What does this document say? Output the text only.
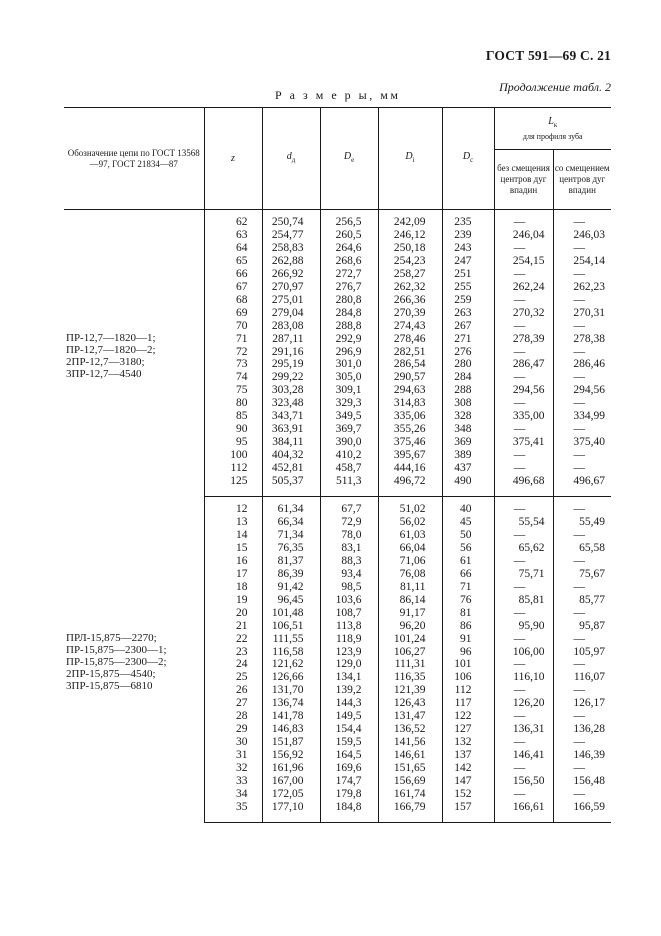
ГОСТ 591—69 С. 21
Продолжение табл. 2
Р а з м е р ы, мм
Обозначение цепи по ГОСТ 13568—97, ГОСТ 21834—87	z	$d_д$	$D_e$	$D_i$	$D_c$	$L_к$
для профиля зуба	

						без смещения центров дуг впадин	со смещением центров дуг впадин

ПР-12,7—1820—1;
ПР-12,7—1820—2;
2ПР-12,7—3180;
3ПР-12,7—4540	62	250,74	256,5	242,09	235	—	—
	63	254,77	260,5	246,12	239	246,04	246,03
	64	258,83	264,6	250,18	243	—	—
	65	262,88	268,6	254,23	247	254,15	254,14
	66	266,92	272,7	258,27	251	—	—
	67	270,97	276,7	262,32	255	262,24	262,23
	68	275,01	280,8	266,36	259	—	—
	69	279,04	284,8	270,39	263	270,32	270,31
	70	283,08	288,8	274,43	267	—	—
	71	287,11	292,9	278,46	271	278,39	278,38
	72	291,16	296,9	282,51	276	—	—
	73	295,19	301,0	286,54	280	286,47	286,46
	74	299,22	305,0	290,57	284	—	—
	75	303,28	309,1	294,63	288	294,56	294,56
	80	323,48	329,3	314,83	308	—	—
	85	343,71	349,5	335,06	328	335,00	334,99
	90	363,91	369,7	355,26	348	—	—
	95	384,11	390,0	375,46	369	375,41	375,40
	100	404,32	410,2	395,67	389	—	—
	112	452,81	458,7	444,16	437	—	—
	125	505,37	511,3	496,72	490	496,68	496,67

ПРЛ-15,875—2270;
ПР-15,875—2300—1;
ПР-15,875—2300—2;
2ПР-15,875—4540;
3ПР-15,875—6810	12	61,34	67,7	51,02	40	—	—
	13	66,34	72,9	56,02	45	55,54	55,49
	14	71,34	78,0	61,03	50	—	—
	15	76,35	83,1	66,04	56	65,62	65,58
	16	81,37	88,3	71,06	61	—	—
	17	86,39	93,4	76,08	66	75,71	75,67
	18	91,42	98,5	81,11	71	—	—
	19	96,45	103,6	86,14	76	85,81	85,77
	20	101,48	108,7	91,17	81	—	—
	21	106,51	113,8	96,20	86	95,90	95,87
	22	111,55	118,9	101,24	91	—	—
	23	116,58	123,9	106,27	96	106,00	105,97
	24	121,62	129,0	111,31	101	—	—
	25	126,66	134,1	116,35	106	116,10	116,07
	26	131,70	139,2	121,39	112	—	—
	27	136,74	144,3	126,43	117	126,20	126,17
	28	141,78	149,5	131,47	122	—	—
	29	146,83	154,4	136,52	127	136,31	136,28
	30	151,87	159,5	141,56	132	—	—
	31	156,92	164,5	146,61	137	146,41	146,39
	32	161,96	169,6	151,65	142	—	—
	33	167,00	174,7	156,69	147	156,50	156,48
	34	172,05	179,8	161,74	152	—	—
	35	177,10	184,8	166,79	157	166,61	166,59
